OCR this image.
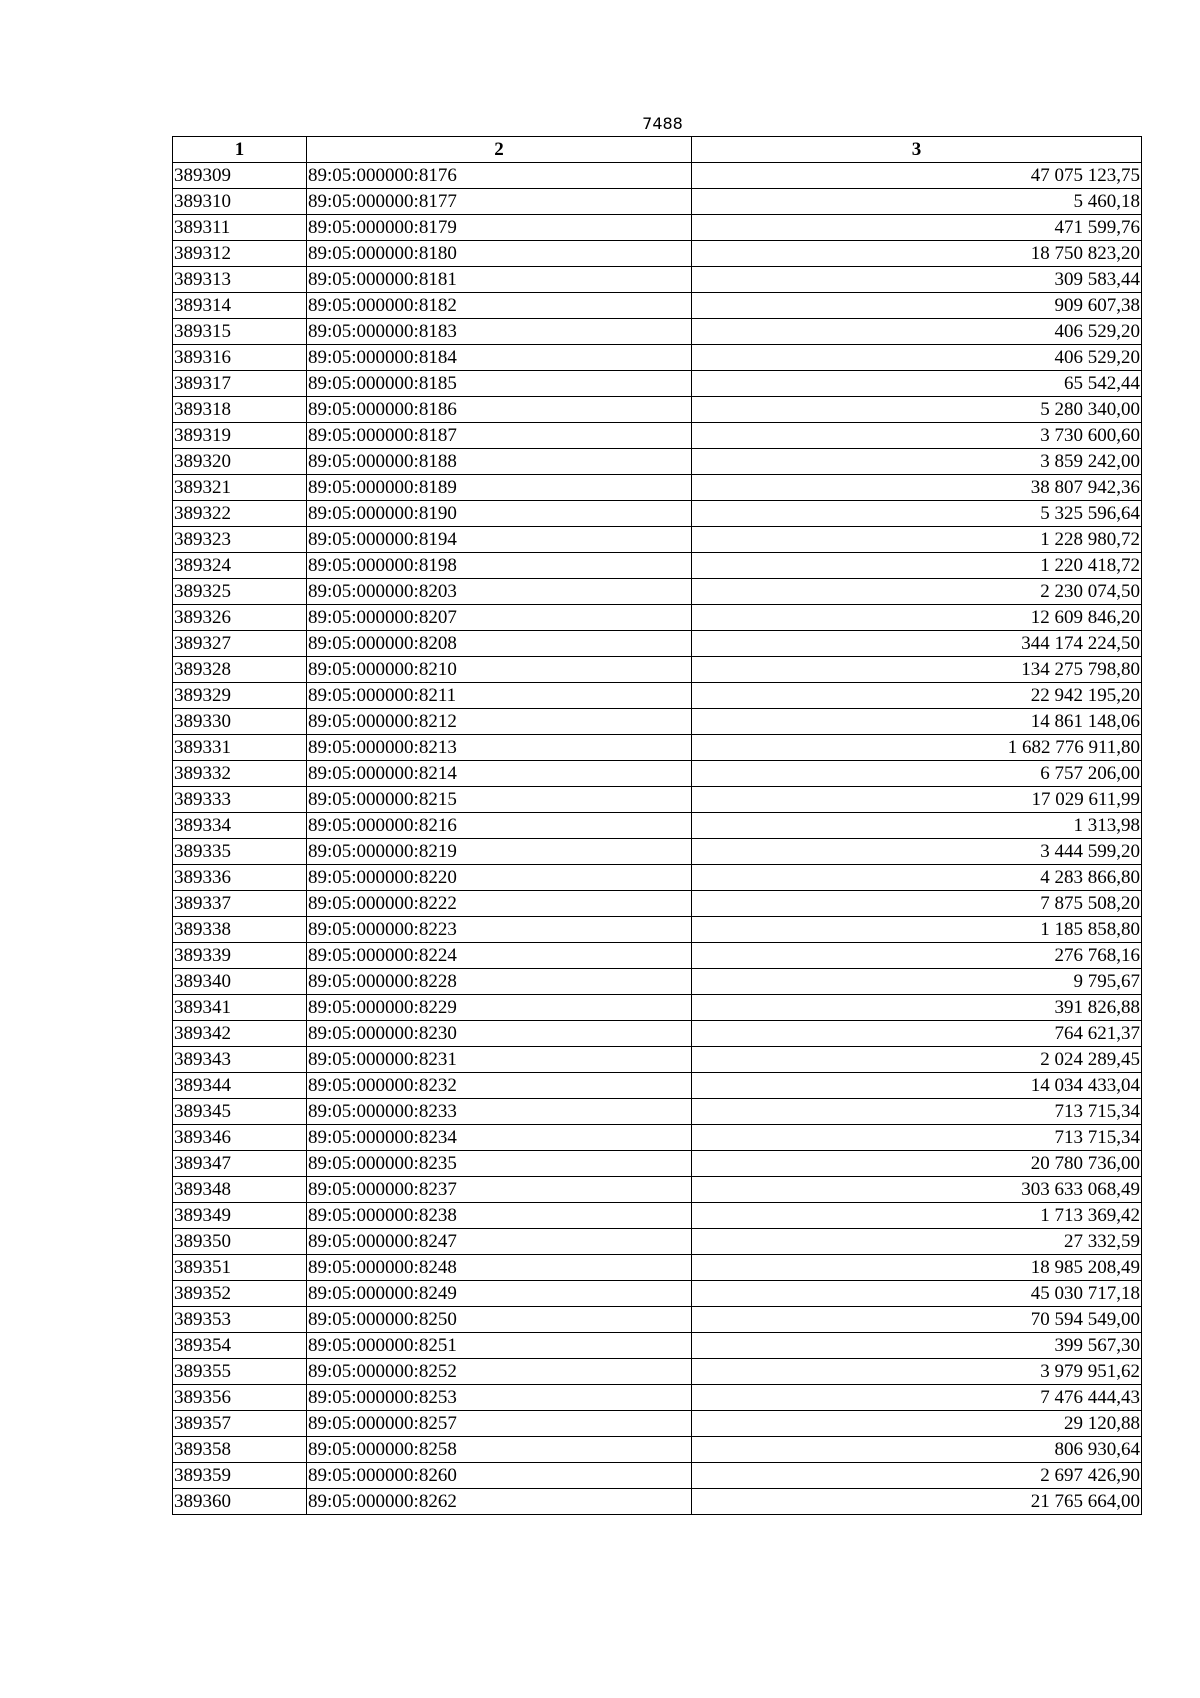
7488
1	2	3
389309	89:05:000000:8176	47 075 123,75
389310	89:05:000000:8177	5 460,18
389311	89:05:000000:8179	471 599,76
389312	89:05:000000:8180	18 750 823,20
389313	89:05:000000:8181	309 583,44
389314	89:05:000000:8182	909 607,38
389315	89:05:000000:8183	406 529,20
389316	89:05:000000:8184	406 529,20
389317	89:05:000000:8185	65 542,44
389318	89:05:000000:8186	5 280 340,00
389319	89:05:000000:8187	3 730 600,60
389320	89:05:000000:8188	3 859 242,00
389321	89:05:000000:8189	38 807 942,36
389322	89:05:000000:8190	5 325 596,64
389323	89:05:000000:8194	1 228 980,72
389324	89:05:000000:8198	1 220 418,72
389325	89:05:000000:8203	2 230 074,50
389326	89:05:000000:8207	12 609 846,20
389327	89:05:000000:8208	344 174 224,50
389328	89:05:000000:8210	134 275 798,80
389329	89:05:000000:8211	22 942 195,20
389330	89:05:000000:8212	14 861 148,06
389331	89:05:000000:8213	1 682 776 911,80
389332	89:05:000000:8214	6 757 206,00
389333	89:05:000000:8215	17 029 611,99
389334	89:05:000000:8216	1 313,98
389335	89:05:000000:8219	3 444 599,20
389336	89:05:000000:8220	4 283 866,80
389337	89:05:000000:8222	7 875 508,20
389338	89:05:000000:8223	1 185 858,80
389339	89:05:000000:8224	276 768,16
389340	89:05:000000:8228	9 795,67
389341	89:05:000000:8229	391 826,88
389342	89:05:000000:8230	764 621,37
389343	89:05:000000:8231	2 024 289,45
389344	89:05:000000:8232	14 034 433,04
389345	89:05:000000:8233	713 715,34
389346	89:05:000000:8234	713 715,34
389347	89:05:000000:8235	20 780 736,00
389348	89:05:000000:8237	303 633 068,49
389349	89:05:000000:8238	1 713 369,42
389350	89:05:000000:8247	27 332,59
389351	89:05:000000:8248	18 985 208,49
389352	89:05:000000:8249	45 030 717,18
389353	89:05:000000:8250	70 594 549,00
389354	89:05:000000:8251	399 567,30
389355	89:05:000000:8252	3 979 951,62
389356	89:05:000000:8253	7 476 444,43
389357	89:05:000000:8257	29 120,88
389358	89:05:000000:8258	806 930,64
389359	89:05:000000:8260	2 697 426,90
389360	89:05:000000:8262	21 765 664,00
